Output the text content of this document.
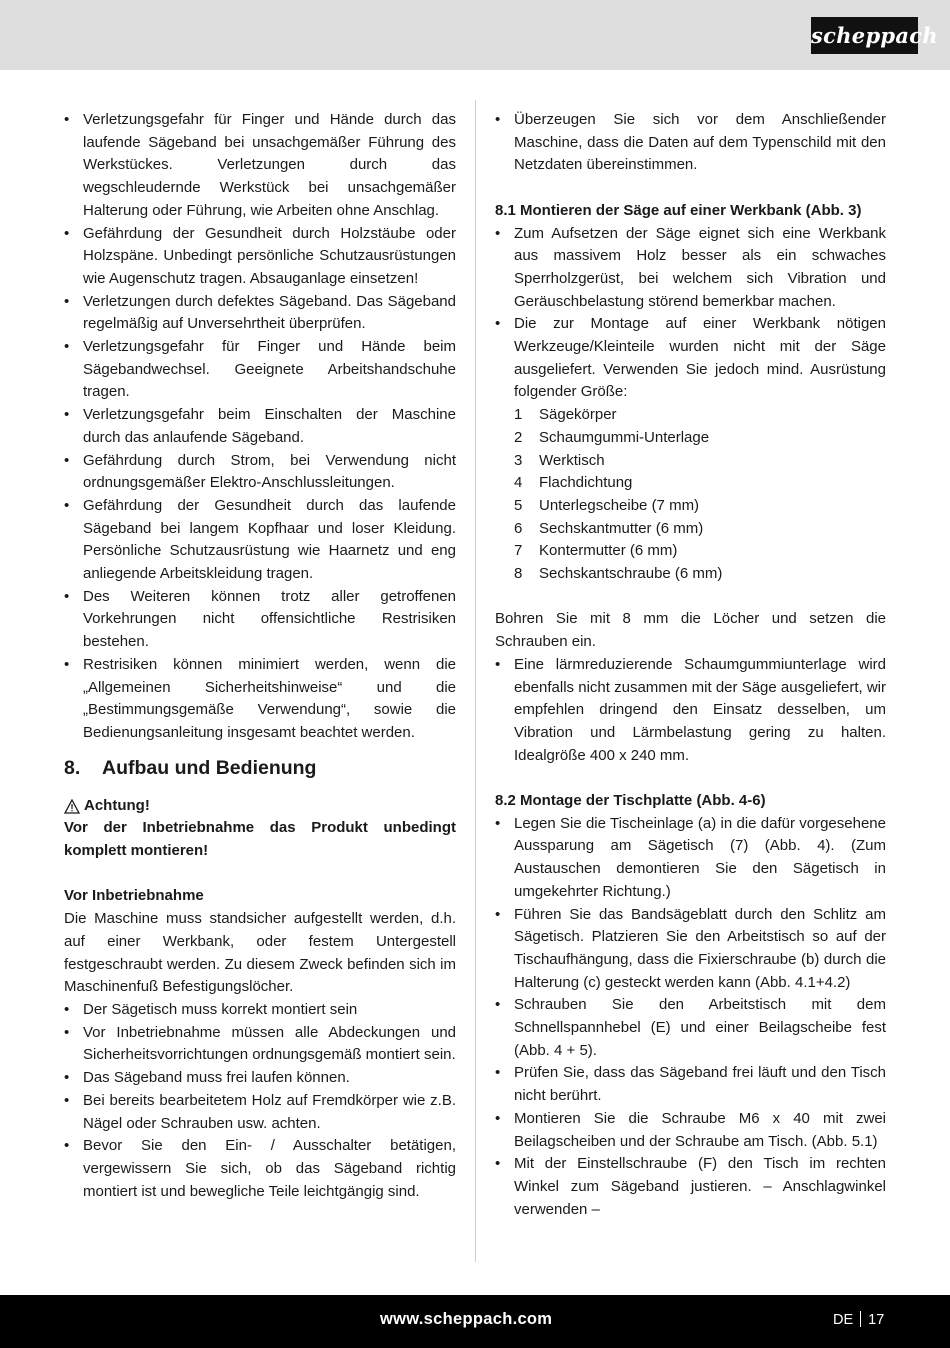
scheppach
• Verletzungsgefahr für Finger und Hände durch das laufende Sägeband bei unsachgemäßer Führung des Werkstückes. Verletzungen durch das wegschleudernde Werkstück bei unsachgemäßer Halterung oder Führung, wie Arbeiten ohne Anschlag.
• Gefährdung der Gesundheit durch Holzstäube oder Holzspäne. Unbedingt persönliche Schutzausrüstungen wie Augenschutz tragen. Absauganlage einsetzen!
• Verletzungen durch defektes Sägeband. Das Sägeband regelmäßig auf Unversehrtheit überprüfen.
• Verletzungsgefahr für Finger und Hände beim Sägebandwechsel. Geeignete Arbeitshandschuhe tragen.
• Verletzungsgefahr beim Einschalten der Maschine durch das anlaufende Sägeband.
• Gefährdung durch Strom, bei Verwendung nicht ordnungsgemäßer Elektro-Anschlussleitungen.
• Gefährdung der Gesundheit durch das laufende Sägeband bei langem Kopfhaar und loser Kleidung. Persönliche Schutzausrüstung wie Haarnetz und eng anliegende Arbeitskleidung tragen.
• Des Weiteren können trotz aller getroffenen Vorkehrungen nicht offensichtliche Restrisiken bestehen.
• Restrisiken können minimiert werden, wenn die „Allgemeinen Sicherheitshinweise“ und die „Bestimmungsgemäße Verwendung“, sowie die Bedienungsanleitung insgesamt beachtet werden.
8. Aufbau und Bedienung
Achtung!

Vor der Inbetriebnahme das Produkt unbedingt komplett montieren!

Vor Inbetriebnahme

Die Maschine muss standsicher aufgestellt werden, d.h. auf einer Werkbank, oder festem Untergestell festgeschraubt werden. Zu diesem Zweck befinden sich im Maschinenfuß Befestigungslöcher.

• Der Sägetisch muss korrekt montiert sein
• Vor Inbetriebnahme müssen alle Abdeckungen und Sicherheitsvorrichtungen ordnungsgemäß montiert sein.
• Das Sägeband muss frei laufen können.
• Bei bereits bearbeitetem Holz auf Fremdkörper wie z.B. Nägel oder Schrauben usw. achten.
• Bevor Sie den Ein- / Ausschalter betätigen, vergewissern Sie sich, ob das Sägeband richtig montiert ist und bewegliche Teile leichtgängig sind.
• Überzeugen Sie sich vor dem Anschließender Maschine, dass die Daten auf dem Typenschild mit den Netzdaten übereinstimmen.

8.1 Montieren der Säge auf einer Werkbank (Abb. 3)

• Zum Aufsetzen der Säge eignet sich eine Werkbank aus massivem Holz besser als ein schwaches Sperrholzgerüst, bei welchem sich Vibration und Geräuschbelastung störend bemerkbar machen.
• Die zur Montage auf einer Werkbank nötigen Werkzeuge/Kleinteile wurden nicht mit der Säge ausgeliefert. Verwenden Sie jedoch mind. Ausrüstung folgender Größe:
1	Sägekörper
2	Schaumgummi-Unterlage
3	Werktisch
4	Flachdichtung
5	Unterlegscheibe (7 mm)
6	Sechskantmutter (6 mm)
7	Kontermutter (6 mm)
8	Sechskantschraube (6 mm)

Bohren Sie mit 8 mm die Löcher und setzen die Schrauben ein.

• Eine lärmreduzierende Schaumgummiunterlage wird ebenfalls nicht zusammen mit der Säge ausgeliefert, wir empfehlen dringend den Einsatz desselben, um Vibration und Lärmbelastung gering zu halten. Idealgröße 400 x 240 mm.

8.2 Montage der Tischplatte (Abb. 4-6)

• Legen Sie die Tischeinlage (a) in die dafür vorgesehene Aussparung am Sägetisch (7) (Abb. 4). (Zum Austauschen demontieren Sie den Sägetisch in umgekehrter Richtung.)
• Führen Sie das Bandsägeblatt durch den Schlitz am Sägetisch. Platzieren Sie den Arbeitstisch so auf der Tischaufhängung, dass die Fixierschraube (b) durch die Halterung (c) gesteckt werden kann (Abb. 4.1+4.2)
• Schrauben Sie den Arbeitstisch mit dem Schnellspannhebel (E) und einer Beilagscheibe fest (Abb. 4 + 5).
• Prüfen Sie, dass das Sägeband frei läuft und den Tisch nicht berührt.
• Montieren Sie die Schraube M6 x 40 mit zwei Beilagscheiben und der Schraube am Tisch. (Abb. 5.1)
• Mit der Einstellschraube (F) den Tisch im rechten Winkel zum Sägeband justieren. – Anschlagwinkel verwenden –
www.scheppach.com	DE 17
